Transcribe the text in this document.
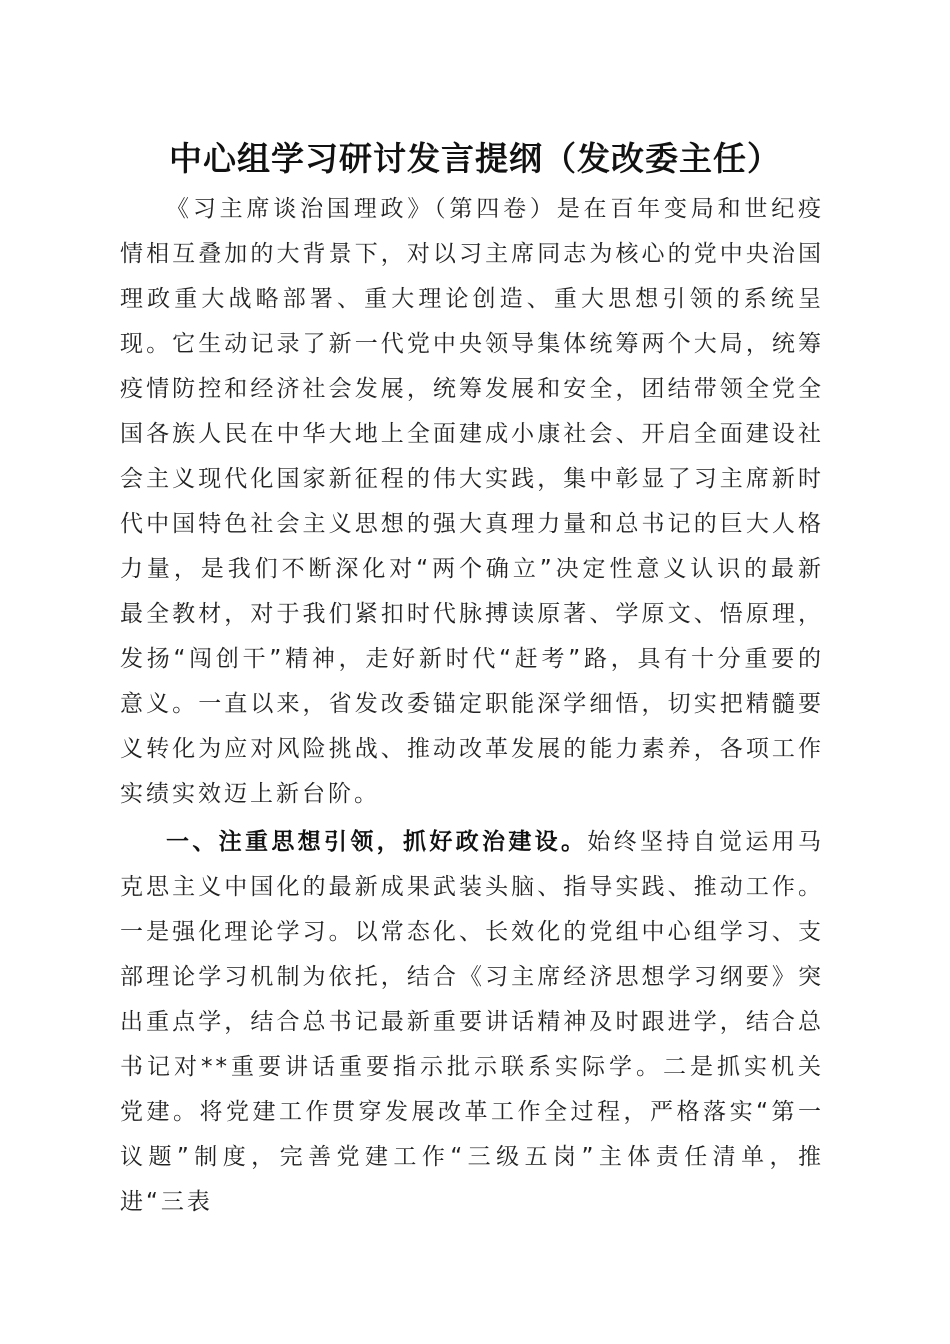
中心组学习研讨发言提纲（发改委主任）

《习主席谈治国理政》（第四卷）是在百年变局和世纪疫情相互叠加的大背景下，对以习主席同志为核心的党中央治国理政重大战略部署、重大理论创造、重大思想引领的系统呈现。它生动记录了新一代党中央领导集体统筹两个大局，统筹疫情防控和经济社会发展，统筹发展和安全，团结带领全党全国各族人民在中华大地上全面建成小康社会、开启全面建设社会主义现代化国家新征程的伟大实践，集中彰显了习主席新时代中国特色社会主义思想的强大真理力量和总书记的巨大人格力量，是我们不断深化对“两个确立”决定性意义认识的最新最全教材，对于我们紧扣时代脉搏读原著、学原文、悟原理，发扬“闯创干”精神，走好新时代“赶考”路，具有十分重要的意义。一直以来，省发改委锚定职能深学细悟，切实把精髓要义转化为应对风险挑战、推动改革发展的能力素养，各项工作实绩实效迈上新台阶。

一、注重思想引领，抓好政治建设。始终坚持自觉运用马克思主义中国化的最新成果武装头脑、指导实践、推动工作。一是强化理论学习。以常态化、长效化的党组中心组学习、支部理论学习机制为依托，结合《习主席经济思想学习纲要》突出重点学，结合总书记最新重要讲话精神及时跟进学，结合总书记对**重要讲话重要指示批示联系实际学。二是抓实机关党建。将党建工作贯穿发展改革工作全过程，严格落实“第一议题”制度，完善党建工作“三级五岗”主体责任清单，推进“三表
